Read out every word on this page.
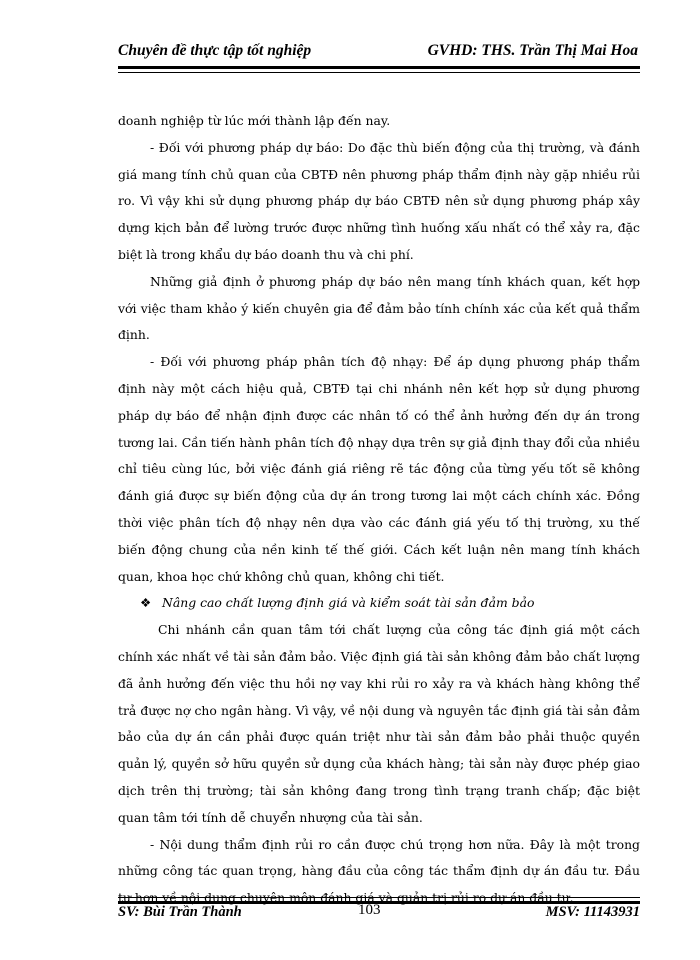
Chuyên đề thực tập tốt nghiệp	GVHD: THS. Trần Thị Mai Hoa

doanh nghiệp từ lúc mới thành lập đến nay.

- Đối với phương pháp dự báo: Do đặc thù biến động của thị trường, và đánh giá mang tính chủ quan của CBTĐ nên phương pháp thẩm định này gặp nhiều rủi ro. Vì vậy khi sử dụng phương pháp dự báo CBTĐ nên sử dụng phương pháp xây dựng kịch bản để lường trước được những tình huống xấu nhất có thể xảy ra, đặc biệt là trong khẩu dự báo doanh thu và chi phí.

Những giả định ở phương pháp dự báo nên mang tính khách quan, kết hợp với việc tham khảo ý kiến chuyên gia để đảm bảo tính chính xác của kết quả thẩm định.

- Đối với phương pháp phân tích độ nhạy: Để áp dụng phương pháp thẩm định này một cách hiệu quả, CBTĐ tại chi nhánh nên kết hợp sử dụng phương pháp dự báo để nhận định được các nhân tố có thể ảnh hưởng đến dự án trong tương lai. Cần tiến hành phân tích độ nhạy dựa trên sự giả định thay đổi của nhiều chỉ tiêu cùng lúc, bởi việc đánh giá riêng rẽ tác động của từng yếu tốt sẽ không đánh giá được sự biến động của dự án trong tương lai một cách chính xác. Đồng thời việc phân tích độ nhạy nên dựa vào các đánh giá yếu tố thị trường, xu thế biến động chung của nền kinh tế thế giới. Cách kết luận nên mang tính khách quan, khoa học chứ không chủ quan, không chi tiết.

❖ Nâng cao chất lượng định giá và kiểm soát tài sản đảm bảo

Chi nhánh cần quan tâm tới chất lượng của công tác định giá một cách chính xác nhất về tài sản đảm bảo. Việc định giá tài sản không đảm bảo chất lượng đã ảnh hưởng đến việc thu hồi nợ vay khi rủi ro xảy ra và khách hàng không thể trả được nợ cho ngân hàng. Vì vậy, về nội dung và nguyên tắc định giá tài sản đảm bảo của dự án cần phải được quán triệt như tài sản đảm bảo phải thuộc quyền quản lý, quyền sở hữu quyền sử dụng của khách hàng; tài sản này được phép giao dịch trên thị trường; tài sản không đang trong tình trạng tranh chấp; đặc biệt quan tâm tới tính dễ chuyển nhượng của tài sản.

- Nội dung thẩm định rủi ro cần được chú trọng hơn nữa. Đây là một trong những công tác quan trọng, hàng đầu của công tác thẩm định dự án đầu tư. Đầu tư hơn về nội dung chuyên môn đánh giá và quản trị rủi ro dự án đầu tư.

SV: Bùi Trần Thành	103	MSV: 11143931
